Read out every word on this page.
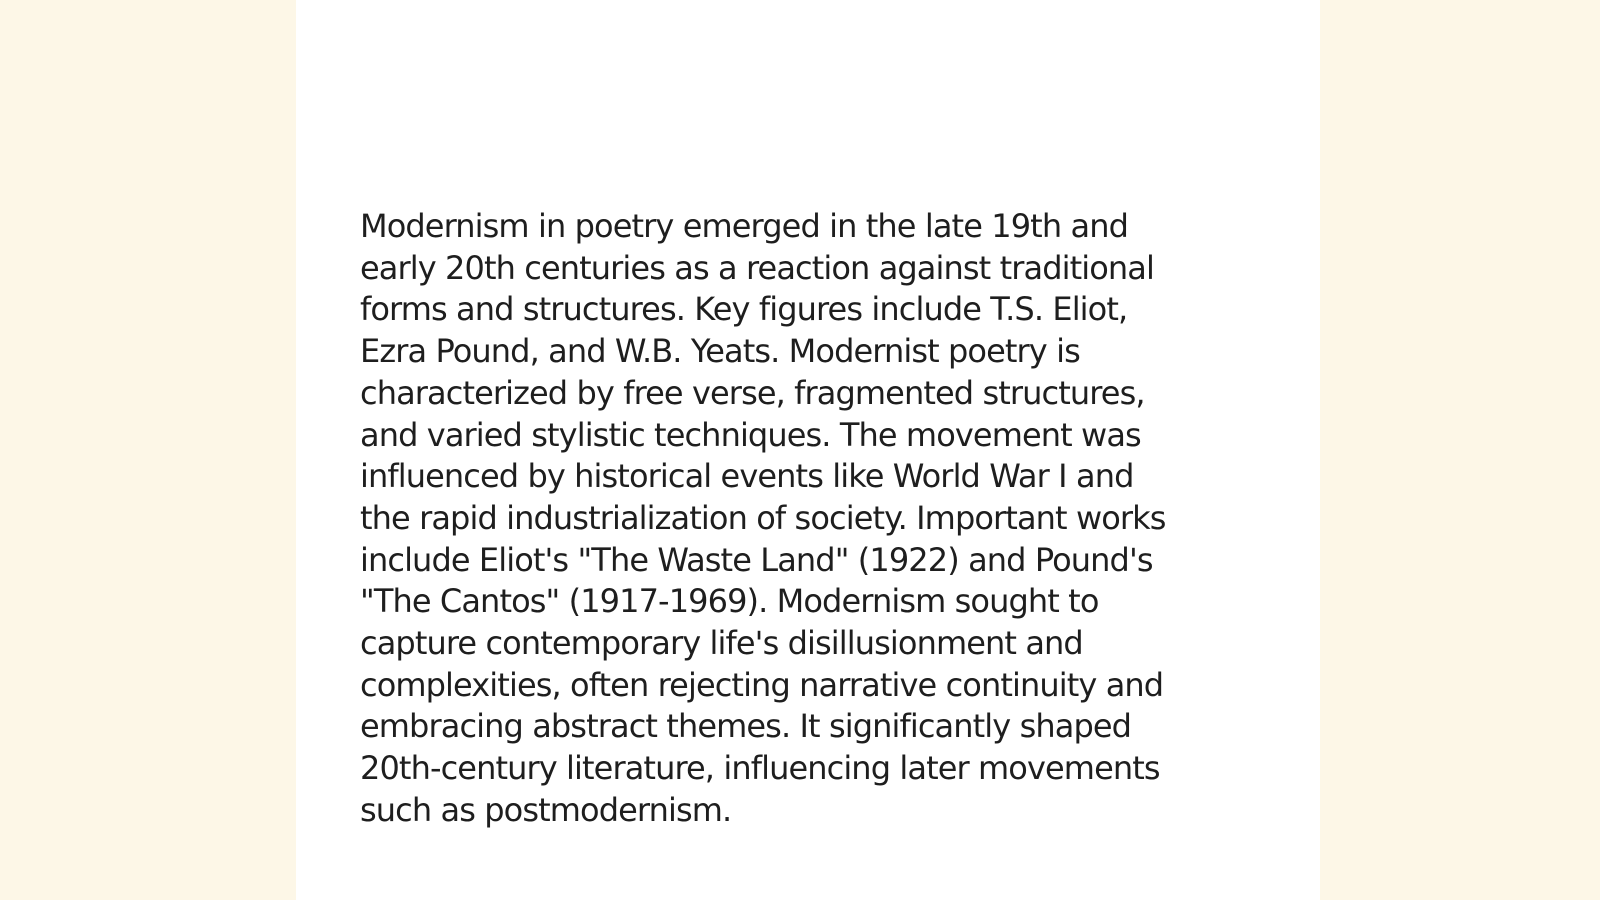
Modernism in poetry emerged in the late 19th and
early 20th centuries as a reaction against traditional
forms and structures. Key figures include T.S. Eliot,
Ezra Pound, and W.B. Yeats. Modernist poetry is
characterized by free verse, fragmented structures,
and varied stylistic techniques. The movement was
influenced by historical events like World War I and
the rapid industrialization of society. Important works
include Eliot's "The Waste Land" (1922) and Pound's
"The Cantos" (1917-1969). Modernism sought to
capture contemporary life's disillusionment and
complexities, often rejecting narrative continuity and
embracing abstract themes. It significantly shaped
20th-century literature, influencing later movements
such as postmodernism.
